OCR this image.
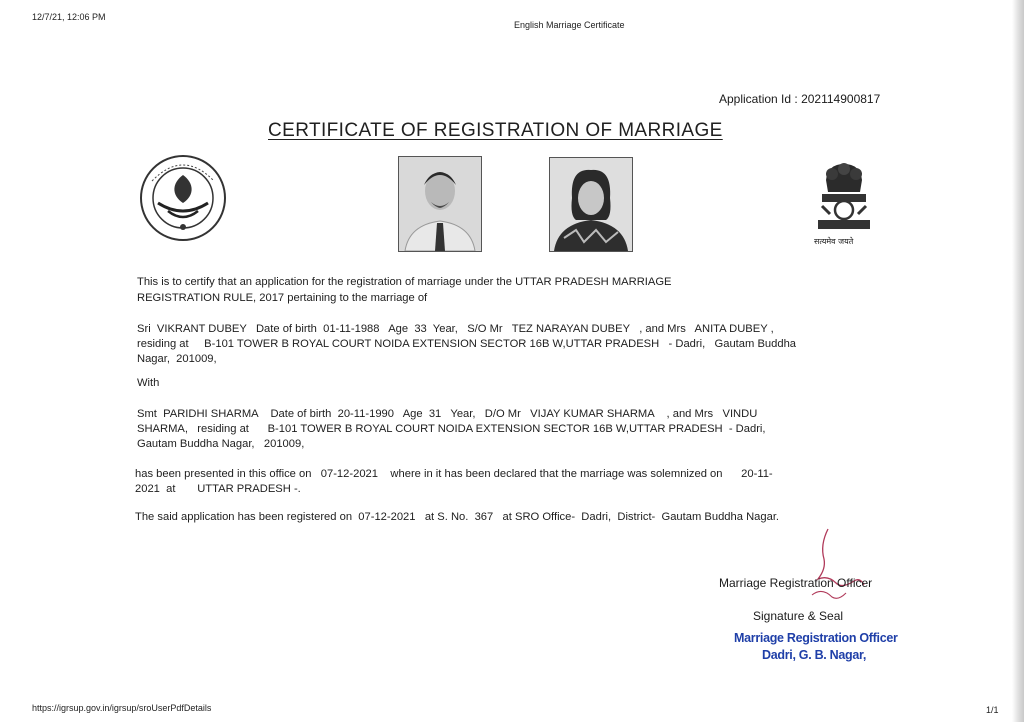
12/7/21, 12:06 PM
English Marriage Certificate
Application Id : 202114900817
CERTIFICATE OF REGISTRATION OF MARRIAGE
सत्यमेव जयते
This is to certify that an application for the registration of marriage under the UTTAR PRADESH MARRIAGE
REGISTRATION RULE, 2017 pertaining to the marriage of
Sri  VIKRANT DUBEY   Date of birth  01-11-1988   Age  33  Year,   S/O Mr   TEZ NARAYAN DUBEY   , and Mrs   ANITA DUBEY ,
residing at     B-101 TOWER B ROYAL COURT NOIDA EXTENSION SECTOR 16B W,UTTAR PRADESH   - Dadri,   Gautam Buddha
Nagar,  201009,
With
Smt  PARIDHI SHARMA    Date of birth  20-11-1990   Age  31   Year,   D/O Mr   VIJAY KUMAR SHARMA    , and Mrs   VINDU
SHARMA,   residing at      B-101 TOWER B ROYAL COURT NOIDA EXTENSION SECTOR 16B W,UTTAR PRADESH  - Dadri,
Gautam Buddha Nagar,   201009,
has been presented in this office on   07-12-2021    where in it has been declared that the marriage was solemnized on      20-11-
2021  at       UTTAR PRADESH -.
The said application has been registered on  07-12-2021   at S. No.  367   at SRO Office-  Dadri,  District-  Gautam Buddha Nagar.
Marriage Registration Officer
Signature & Seal
Marriage Registration Officer
Dadri, G. B. Nagar,
https://igrsup.gov.in/igrsup/sroUserPdfDetails	1/1
